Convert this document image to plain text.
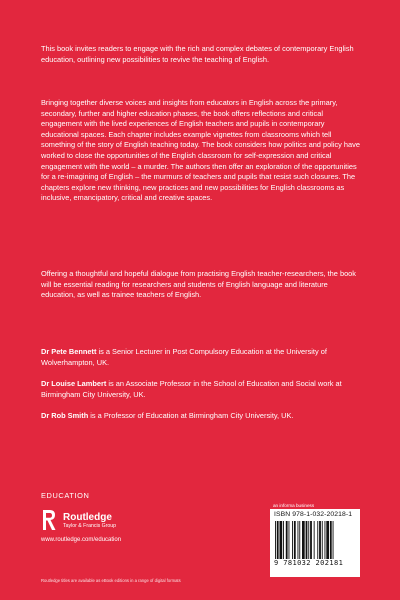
This book invites readers to engage with the rich and complex debates of contemporary English education, outlining new possibilities to revive the teaching of English.

Bringing together diverse voices and insights from educators in English across the primary, secondary, further and higher education phases, the book offers reflections and critical engagement with the lived experiences of English teachers and pupils in contemporary educational spaces. Each chapter includes example vignettes from classrooms which tell something of the story of English teaching today. The book considers how politics and policy have worked to close the opportunities of the English classroom for self-expression and critical engagement with the world – a murder. The authors then offer an exploration of the opportunities for a re-imagining of English – the murmurs of teachers and pupils that resist such closures. The chapters explore new thinking, new practices and new possibilities for English classrooms as inclusive, emancipatory, critical and creative spaces.

Offering a thoughtful and hopeful dialogue from practising English teacher-researchers, the book will be essential reading for researchers and students of English language and literature education, as well as trainee teachers of English.

Dr Pete Bennett is a Senior Lecturer in Post Compulsory Education at the University of Wolverhampton, UK.
Dr Louise Lambert is an Associate Professor in the School of Education and Social work at Birmingham City University, UK.
Dr Rob Smith is a Professor of Education at Birmingham City University, UK.
EDUCATION
Routledge
Taylor & Francis Group
www.routledge.com/education
Routledge titles are available as eBook editions in a range of digital formats
an informa business
ISBN 978-1-032-20218-1
9 781032 202181
